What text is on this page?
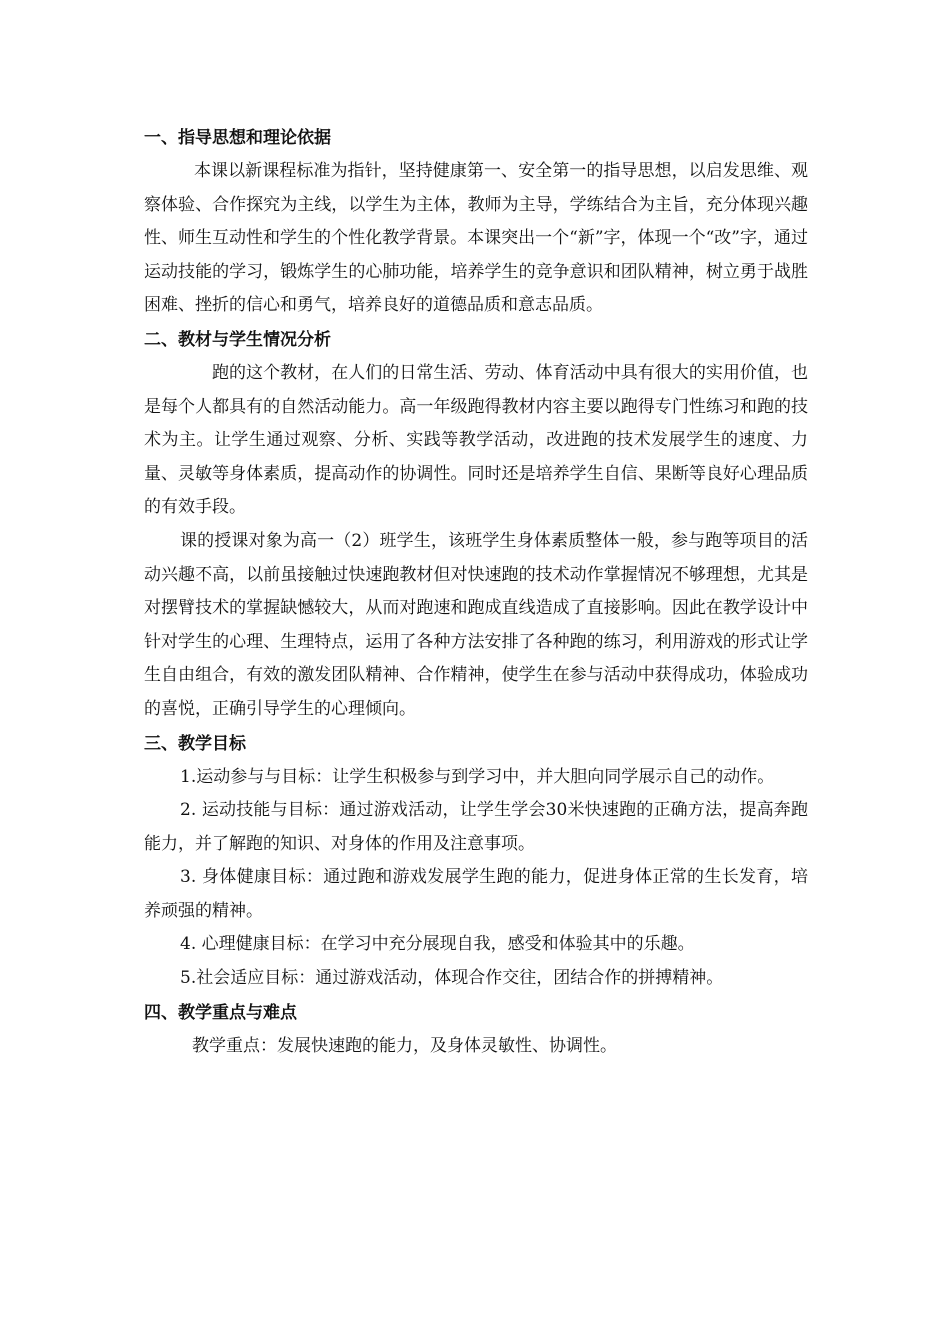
一、指导思想和理论依据

本课以新课程标准为指针，坚持健康第一、安全第一的指导思想，以启发思维、观察体验、合作探究为主线，以学生为主体，教师为主导，学练结合为主旨，充分体现兴趣性、师生互动性和学生的个性化教学背景。本课突出一个“新”字，体现一个“改”字，通过运动技能的学习，锻炼学生的心肺功能，培养学生的竞争意识和团队精神，树立勇于战胜困难、挫折的信心和勇气，培养良好的道德品质和意志品质。

二、教材与学生情况分析

跑的这个教材，在人们的日常生活、劳动、体育活动中具有很大的实用价值，也是每个人都具有的自然活动能力。高一年级跑得教材内容主要以跑得专门性练习和跑的技术为主。让学生通过观察、分析、实践等教学活动，改进跑的技术发展学生的速度、力量、灵敏等身体素质，提高动作的协调性。同时还是培养学生自信、果断等良好心理品质的有效手段。

课的授课对象为高一（2）班学生，该班学生身体素质整体一般，参与跑等项目的活动兴趣不高，以前虽接触过快速跑教材但对快速跑的技术动作掌握情况不够理想，尤其是对摆臂技术的掌握缺憾较大，从而对跑速和跑成直线造成了直接影响。因此在教学设计中针对学生的心理、生理特点，运用了各种方法安排了各种跑的练习，利用游戏的形式让学生自由组合，有效的激发团队精神、合作精神，使学生在参与活动中获得成功，体验成功的喜悦，正确引导学生的心理倾向。

三、教学目标

1.运动参与与目标：让学生积极参与到学习中，并大胆向同学展示自己的动作。

2. 运动技能与目标：通过游戏活动，让学生学会30米快速跑的正确方法，提高奔跑能力，并了解跑的知识、对身体的作用及注意事项。

3. 身体健康目标：通过跑和游戏发展学生跑的能力，促进身体正常的生长发育，培养顽强的精神。

4. 心理健康目标：在学习中充分展现自我，感受和体验其中的乐趣。

5.社会适应目标：通过游戏活动，体现合作交往，团结合作的拼搏精神。

四、教学重点与难点

教学重点：发展快速跑的能力，及身体灵敏性、协调性。
